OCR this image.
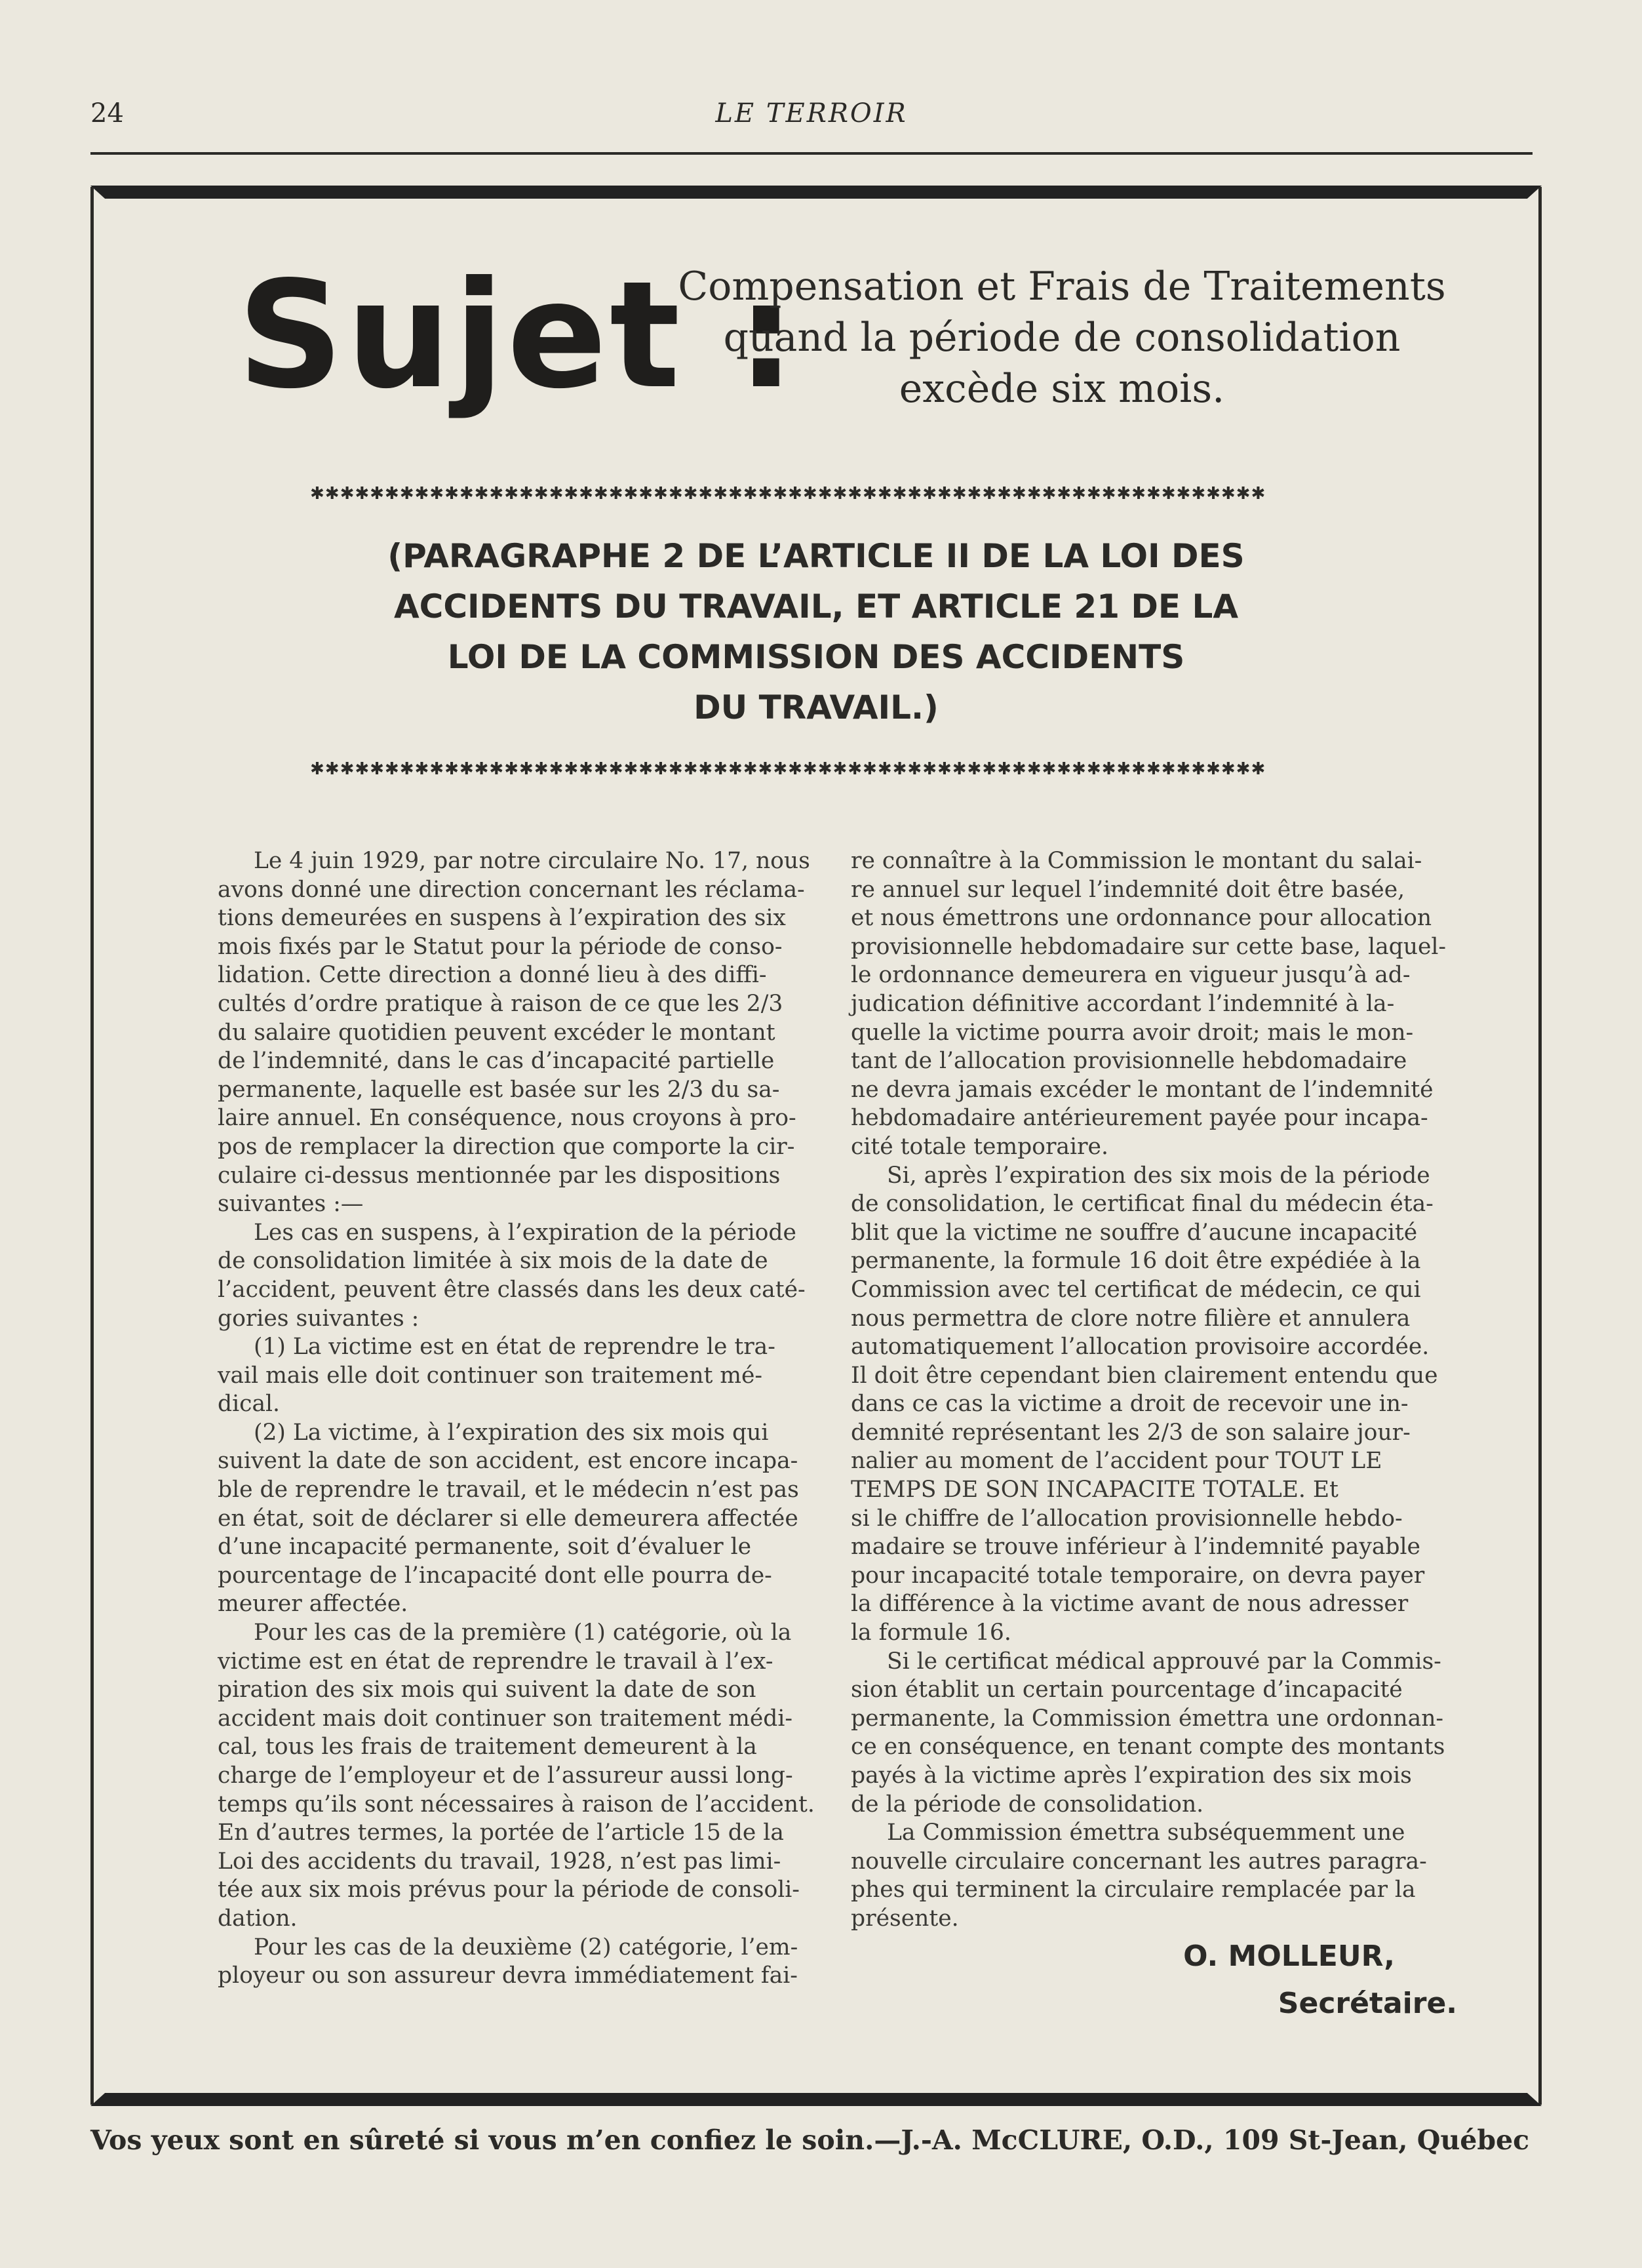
24	LE TERROIR
Sujet :
Compensation et Frais de Traitements
quand la période de consolidation
excède six mois.
✱✱✱✱✱✱✱✱✱✱✱✱✱✱✱✱✱✱✱✱✱✱✱✱✱✱✱✱✱✱✱✱✱✱✱✱✱✱✱✱✱✱✱✱✱✱✱✱✱✱✱✱✱✱✱✱✱✱✱✱✱✱✱✱
(PARAGRAPHE 2 DE L’ARTICLE II DE LA LOI DES
ACCIDENTS DU TRAVAIL, ET ARTICLE 21 DE LA
LOI DE LA COMMISSION DES ACCIDENTS
DU TRAVAIL.)
✱✱✱✱✱✱✱✱✱✱✱✱✱✱✱✱✱✱✱✱✱✱✱✱✱✱✱✱✱✱✱✱✱✱✱✱✱✱✱✱✱✱✱✱✱✱✱✱✱✱✱✱✱✱✱✱✱✱✱✱✱✱✱✱
Le 4 juin 1929, par notre circulaire No. 17, nous
avons donné une direction concernant les réclama-
tions demeurées en suspens à l’expiration des six
mois fixés par le Statut pour la période de conso-
lidation. Cette direction a donné lieu à des diffi-
cultés d’ordre pratique à raison de ce que les 2/3
du salaire quotidien peuvent excéder le montant
de l’indemnité, dans le cas d’incapacité partielle
permanente, laquelle est basée sur les 2/3 du sa-
laire annuel. En conséquence, nous croyons à pro-
pos de remplacer la direction que comporte la cir-
culaire ci-dessus mentionnée par les dispositions
suivantes :—
Les cas en suspens, à l’expiration de la période
de consolidation limitée à six mois de la date de
l’accident, peuvent être classés dans les deux caté-
gories suivantes :
(1) La victime est en état de reprendre le tra-
vail mais elle doit continuer son traitement mé-
dical.
(2) La victime, à l’expiration des six mois qui
suivent la date de son accident, est encore incapa-
ble de reprendre le travail, et le médecin n’est pas
en état, soit de déclarer si elle demeurera affectée
d’une incapacité permanente, soit d’évaluer le
pourcentage de l’incapacité dont elle pourra de-
meurer affectée.
Pour les cas de la première (1) catégorie, où la
victime est en état de reprendre le travail à l’ex-
piration des six mois qui suivent la date de son
accident mais doit continuer son traitement médi-
cal, tous les frais de traitement demeurent à la
charge de l’employeur et de l’assureur aussi long-
temps qu’ils sont nécessaires à raison de l’accident.
En d’autres termes, la portée de l’article 15 de la
Loi des accidents du travail, 1928, n’est pas limi-
tée aux six mois prévus pour la période de consoli-
dation.
Pour les cas de la deuxième (2) catégorie, l’em-
ployeur ou son assureur devra immédiatement fai-
re connaître à la Commission le montant du salai-
re annuel sur lequel l’indemnité doit être basée,
et nous émettrons une ordonnance pour allocation
provisionnelle hebdomadaire sur cette base, laquel-
le ordonnance demeurera en vigueur jusqu’à ad-
judication définitive accordant l’indemnité à la-
quelle la victime pourra avoir droit; mais le mon-
tant de l’allocation provisionnelle hebdomadaire
ne devra jamais excéder le montant de l’indemnité
hebdomadaire antérieurement payée pour incapa-
cité totale temporaire.
Si, après l’expiration des six mois de la période
de consolidation, le certificat final du médecin éta-
blit que la victime ne souffre d’aucune incapacité
permanente, la formule 16 doit être expédiée à la
Commission avec tel certificat de médecin, ce qui
nous permettra de clore notre filière et annulera
automatiquement l’allocation provisoire accordée.
Il doit être cependant bien clairement entendu que
dans ce cas la victime a droit de recevoir une in-
demnité représentant les 2/3 de son salaire jour-
nalier au moment de l’accident pour TOUT LE
TEMPS DE SON INCAPACITE TOTALE. Et
si le chiffre de l’allocation provisionnelle hebdo-
madaire se trouve inférieur à l’indemnité payable
pour incapacité totale temporaire, on devra payer
la différence à la victime avant de nous adresser
la formule 16.
Si le certificat médical approuvé par la Commis-
sion établit un certain pourcentage d’incapacité
permanente, la Commission émettra une ordonnan-
ce en conséquence, en tenant compte des montants
payés à la victime après l’expiration des six mois
de la période de consolidation.
La Commission émettra subséquemment une
nouvelle circulaire concernant les autres paragra-
phes qui terminent la circulaire remplacée par la
présente.
O. MOLLEUR,
Secrétaire.
Vos yeux sont en sûreté si vous m’en confiez le soin.—J.-A. McCLURE, O.D., 109 St-Jean, Québec
